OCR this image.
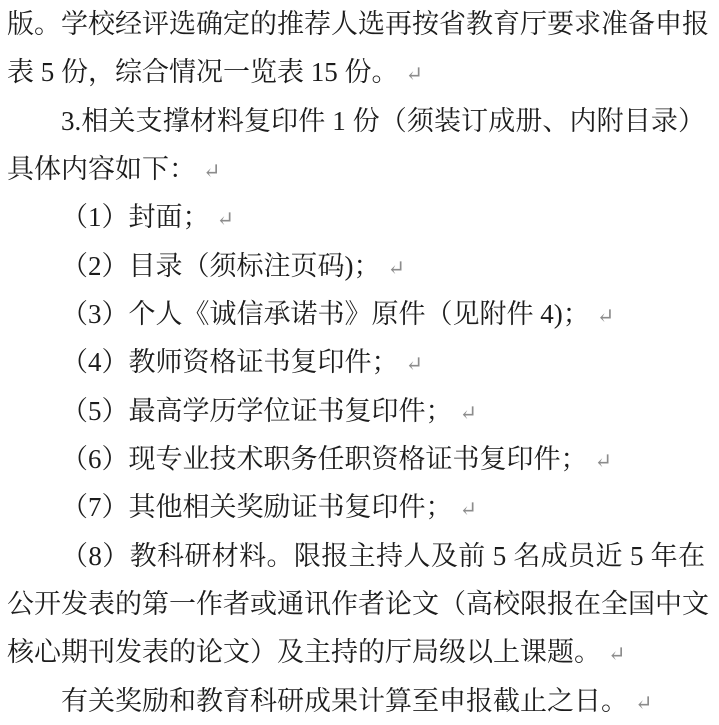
版。学校经评选确定的推荐人选再按省教育厅要求准备申报
表 5 份，综合情况一览表 15 份。 ↵
3.相关支撑材料复印件 1 份（须装订成册、内附目录）
具体内容如下： ↵
（1）封面； ↵
（2）目录（须标注页码)； ↵
（3）个人《诚信承诺书》原件（见附件 4)； ↵
（4）教师资格证书复印件； ↵
（5）最高学历学位证书复印件； ↵
（6）现专业技术职务任职资格证书复印件； ↵
（7）其他相关奖励证书复印件； ↵
（8）教科研材料。限报主持人及前 5 名成员近 5 年在
公开发表的第一作者或通讯作者论文（高校限报在全国中文
核心期刊发表的论文）及主持的厅局级以上课题。 ↵
有关奖励和教育科研成果计算至申报截止之日。 ↵
